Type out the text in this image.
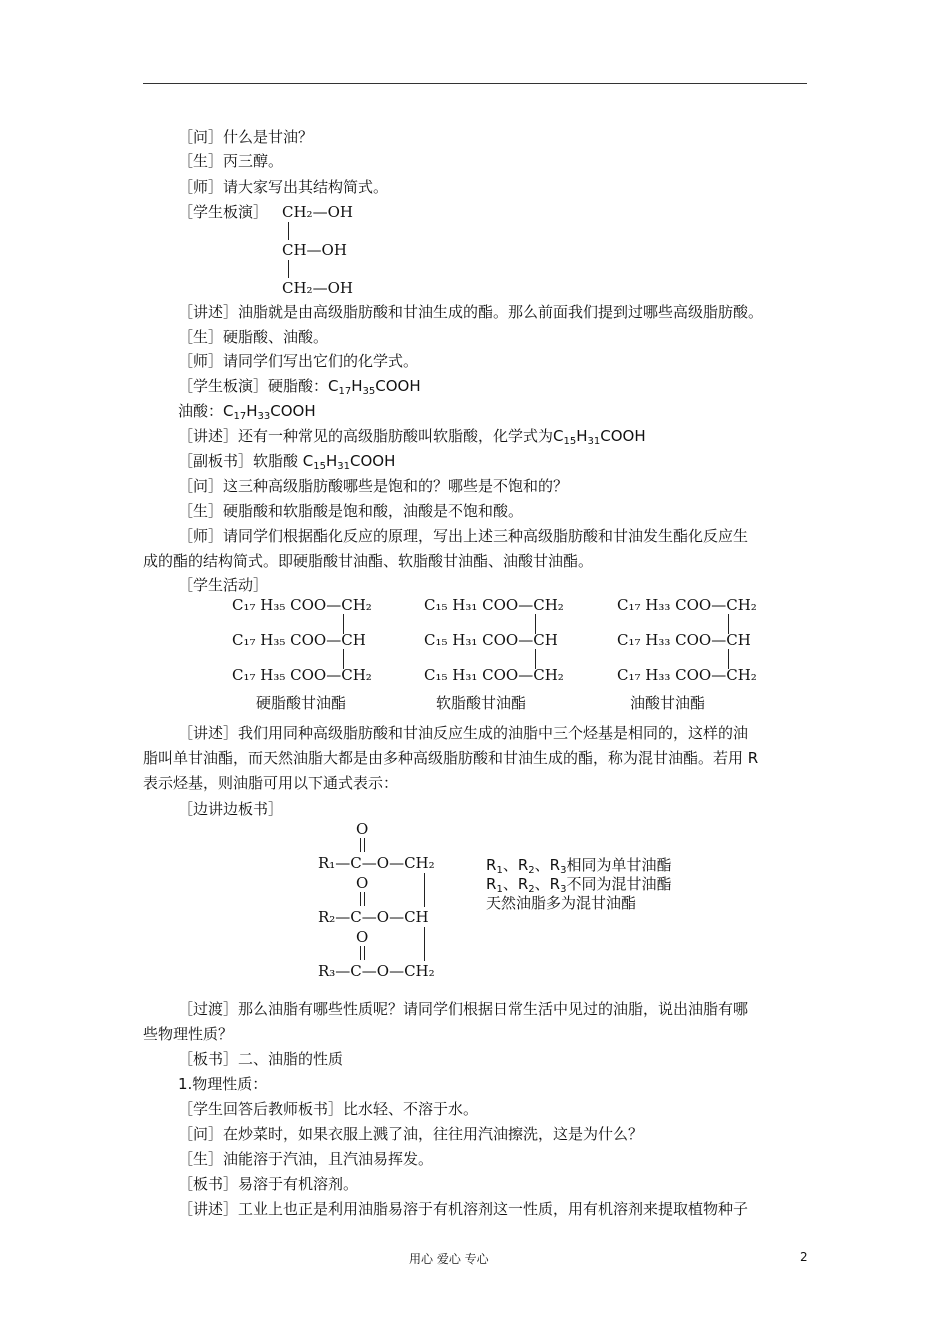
［问］什么是甘油？
［生］丙三醇。
［师］请大家写出其结构简式。
［学生板演］ CH₂—OH
CH—OH
CH₂—OH
［讲述］油脂就是由高级脂肪酸和甘油生成的酯。那么前面我们提到过哪些高级脂肪酸。
［生］硬脂酸、油酸。
［师］请同学们写出它们的化学式。
［学生板演］硬脂酸：$C_{17}H_{35}COOH$
油酸：$C_{17}H_{33}COOH$
［讲述］还有一种常见的高级脂肪酸叫软脂酸，化学式为$C_{15}H_{31}COOH$
［副板书］软脂酸 $C_{15}H_{31}COOH$
［问］这三种高级脂肪酸哪些是饱和的？哪些是不饱和的？
［生］硬脂酸和软脂酸是饱和酸，油酸是不饱和酸。
［师］请同学们根据酯化反应的原理，写出上述三种高级脂肪酸和甘油发生酯化反应生
成的酯的结构简式。即硬脂酸甘油酯、软脂酸甘油酯、油酸甘油酯。
［学生活动］
C₁₇ H₃₅ COO—CH₂
C₁₇ H₃₅ COO—CH
C₁₇ H₃₅ COO—CH₂
硬脂酸甘油酯
C₁₅ H₃₁ COO—CH₂
C₁₅ H₃₁ COO—CH
C₁₅ H₃₁ COO—CH₂
软脂酸甘油酯
C₁₇ H₃₃ COO—CH₂
C₁₇ H₃₃ COO—CH
C₁₇ H₃₃ COO—CH₂
油酸甘油酯
［讲述］我们用同种高级脂肪酸和甘油反应生成的油脂中三个烃基是相同的，这样的油
脂叫单甘油酯，而天然油脂大都是由多种高级脂肪酸和甘油生成的酯，称为混甘油酯。若用 R
表示烃基，则油脂可用以下通式表示：
［边讲边板书］
O
R₁—C—O—CH₂
O
R₂—C—O—CH
O
R₃—C—O—CH₂
$R_1$、$R_2$、$R_3$相同为单甘油酯
$R_1$、$R_2$、$R_3$不同为混甘油酯
天然油脂多为混甘油酯
［过渡］那么油脂有哪些性质呢？请同学们根据日常生活中见过的油脂，说出油脂有哪
些物理性质？
［板书］二、油脂的性质
1.物理性质：
［学生回答后教师板书］比水轻、不溶于水。
［问］在炒菜时，如果衣服上溅了油，往往用汽油擦洗，这是为什么？
［生］油能溶于汽油，且汽油易挥发。
［板书］易溶于有机溶剂。
［讲述］工业上也正是利用油脂易溶于有机溶剂这一性质，用有机溶剂来提取植物种子
用心 爱心 专心	2
